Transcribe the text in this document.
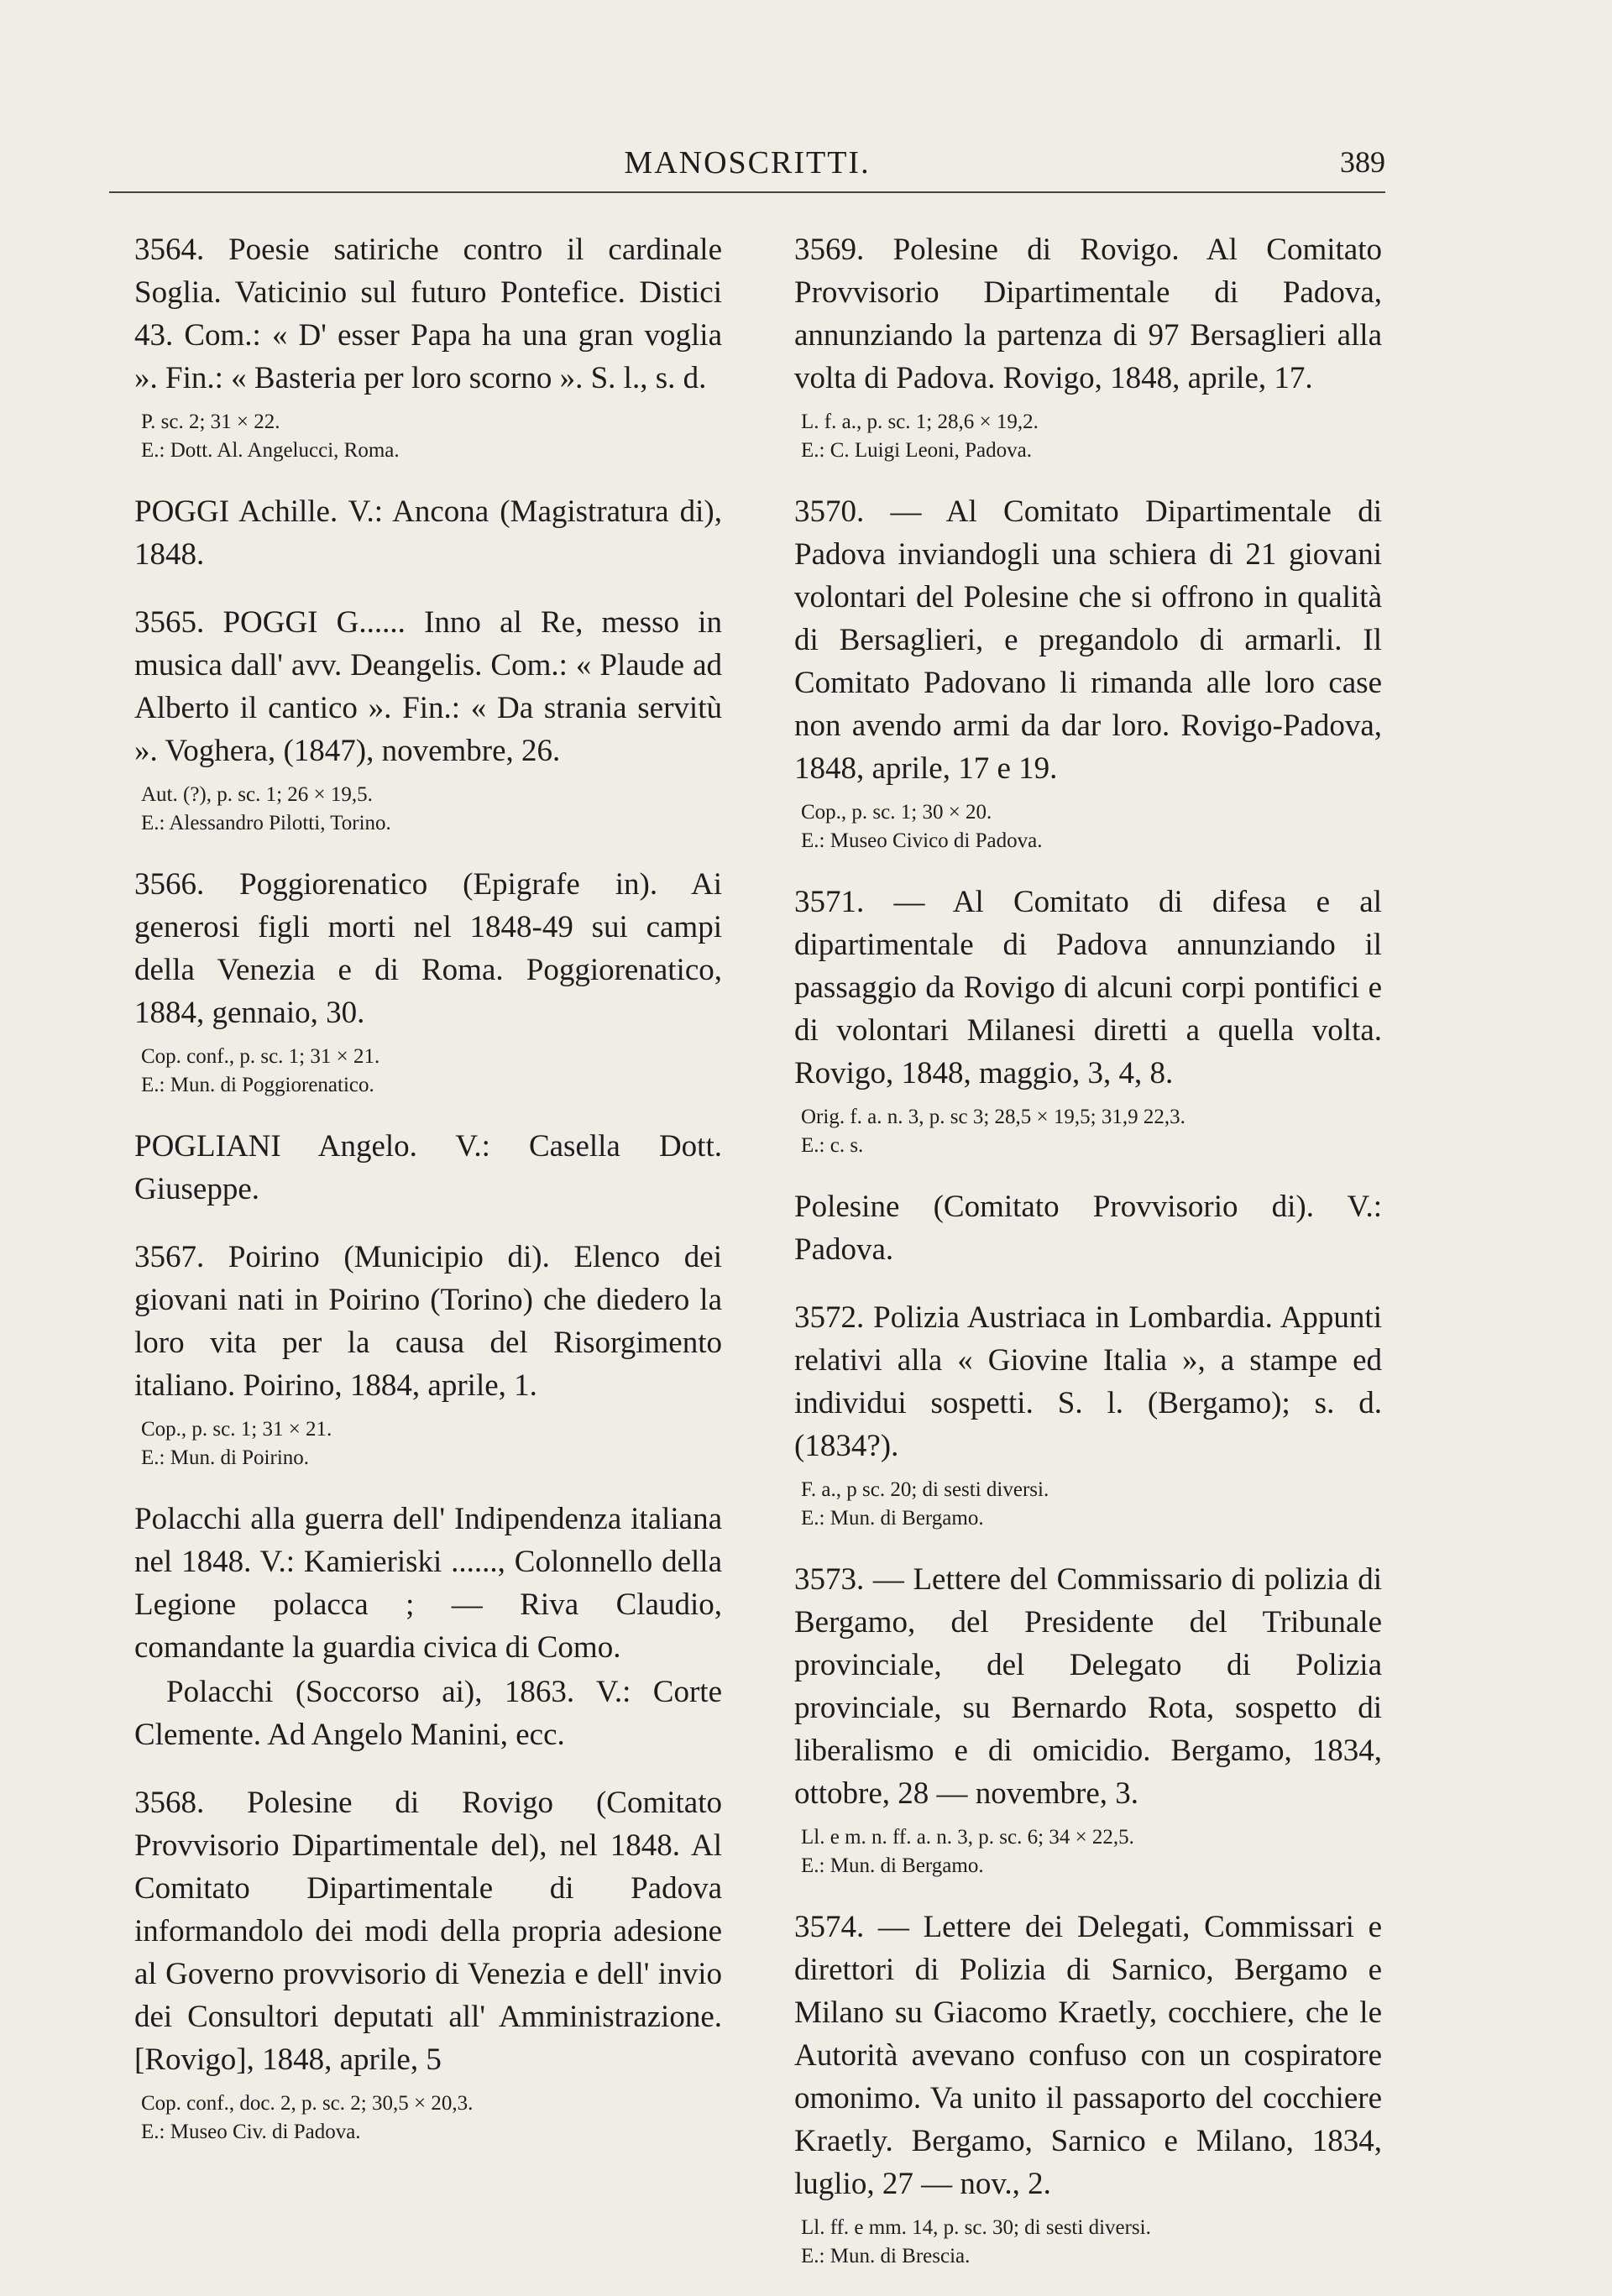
MANOSCRITTI.	389

3564. Poesie satiriche contro il cardinale Soglia. Vaticinio sul futuro Pontefice. Distici 43. Com.: « D' esser Papa ha una gran voglia ». Fin.: « Basteria per loro scorno ». S. l., s. d.

P. sc. 2; 31 × 22.
E.: Dott. Al. Angelucci, Roma.

POGGI Achille. V.: Ancona (Magistratura di), 1848.

3565. POGGI G...... Inno al Re, messo in musica dall' avv. Deangelis. Com.: « Plaude ad Alberto il cantico ». Fin.: « Da strania servitù ». Voghera, (1847), novembre, 26.

Aut. (?), p. sc. 1; 26 × 19,5.
E.: Alessandro Pilotti, Torino.

3566. Poggiorenatico (Epigrafe in). Ai generosi figli morti nel 1848-49 sui campi della Venezia e di Roma. Poggiorenatico, 1884, gennaio, 30.

Cop. conf., p. sc. 1; 31 × 21.
E.: Mun. di Poggiorenatico.

POGLIANI Angelo. V.: Casella Dott. Giuseppe.

3567. Poirino (Municipio di). Elenco dei giovani nati in Poirino (Torino) che diedero la loro vita per la causa del Risorgimento italiano. Poirino, 1884, aprile, 1.

Cop., p. sc. 1; 31 × 21.
E.: Mun. di Poirino.

Polacchi alla guerra dell' Indipendenza italiana nel 1848. V.: Kamieriski ......, Colonnello della Legione polacca ; — Riva Claudio, comandante la guardia civica di Como.

Polacchi (Soccorso ai), 1863. V.: Corte Clemente. Ad Angelo Manini, ecc.

3568. Polesine di Rovigo (Comitato Provvisorio Dipartimentale del), nel 1848. Al Comitato Dipartimentale di Padova informandolo dei modi della propria adesione al Governo provvisorio di Venezia e dell' invio dei Consultori deputati all' Amministrazione. [Rovigo], 1848, aprile, 5

Cop. conf., doc. 2, p. sc. 2; 30,5 × 20,3.
E.: Museo Civ. di Padova.

3569. Polesine di Rovigo. Al Comitato Provvisorio Dipartimentale di Padova, annunziando la partenza di 97 Bersaglieri alla volta di Padova. Rovigo, 1848, aprile, 17.

L. f. a., p. sc. 1; 28,6 × 19,2.
E.: C. Luigi Leoni, Padova.

3570. — Al Comitato Dipartimentale di Padova inviandogli una schiera di 21 giovani volontari del Polesine che si offrono in qualità di Bersaglieri, e pregandolo di armarli. Il Comitato Padovano li rimanda alle loro case non avendo armi da dar loro. Rovigo-Padova, 1848, aprile, 17 e 19.

Cop., p. sc. 1; 30 × 20.
E.: Museo Civico di Padova.

3571. — Al Comitato di difesa e al dipartimentale di Padova annunziando il passaggio da Rovigo di alcuni corpi pontifici e di volontari Milanesi diretti a quella volta. Rovigo, 1848, maggio, 3, 4, 8.

Orig. f. a. n. 3, p. sc 3; 28,5 × 19,5; 31,9 22,3.
E.: c. s.

Polesine (Comitato Provvisorio di). V.: Padova.

3572. Polizia Austriaca in Lombardia. Appunti relativi alla « Giovine Italia », a stampe ed individui sospetti. S. l. (Bergamo); s. d. (1834?).

F. a., p sc. 20; di sesti diversi.
E.: Mun. di Bergamo.

3573. — Lettere del Commissario di polizia di Bergamo, del Presidente del Tribunale provinciale, del Delegato di Polizia provinciale, su Bernardo Rota, sospetto di liberalismo e di omicidio. Bergamo, 1834, ottobre, 28 — novembre, 3.

Ll. e m. n. ff. a. n. 3, p. sc. 6; 34 × 22,5.
E.: Mun. di Bergamo.

3574. — Lettere dei Delegati, Commissari e direttori di Polizia di Sarnico, Bergamo e Milano su Giacomo Kraetly, cocchiere, che le Autorità avevano confuso con un cospiratore omonimo. Va unito il passaporto del cocchiere Kraetly. Bergamo, Sarnico e Milano, 1834, luglio, 27 — nov., 2.

Ll. ff. e mm. 14, p. sc. 30; di sesti diversi.
E.: Mun. di Brescia.
